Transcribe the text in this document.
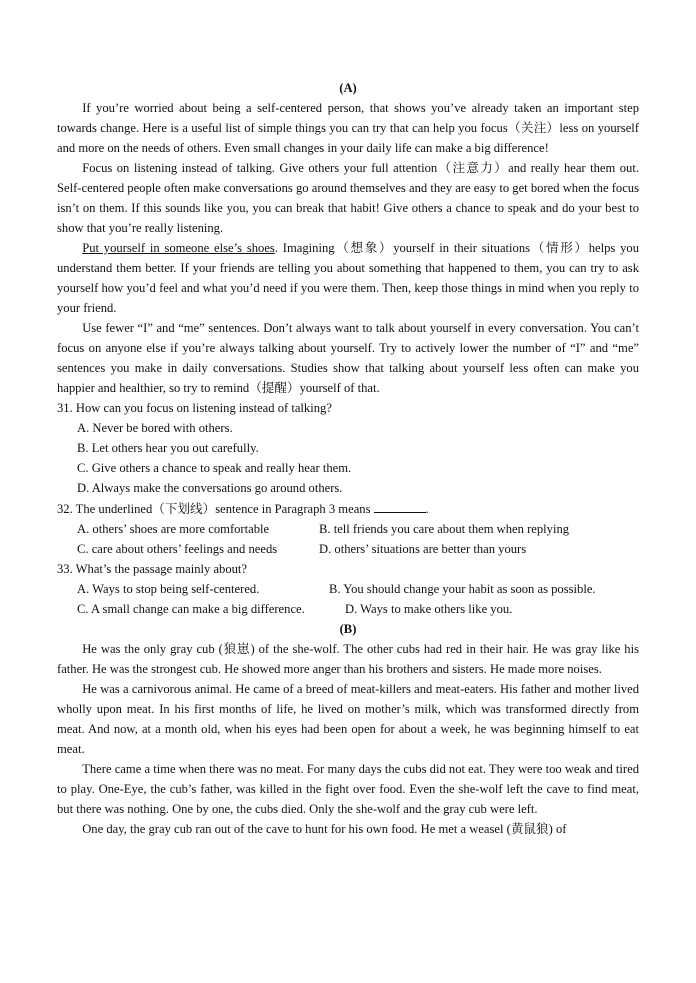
(A)

If you’re worried about being a self-centered person, that shows you’ve already taken an important step towards change. Here is a useful list of simple things you can try that can help you focus（关注）less on yourself and more on the needs of others. Even small changes in your daily life can make a big difference!

Focus on listening instead of talking. Give others your full attention（注意力）and really hear them out. Self-centered people often make conversations go around themselves and they are easy to get bored when the focus isn’t on them. If this sounds like you, you can break that habit! Give others a chance to speak and do your best to show that you’re really listening.

Put yourself in someone else’s shoes. Imagining（想象）yourself in their situations（情形）helps you understand them better. If your friends are telling you about something that happened to them, you can try to ask yourself how you’d feel and what you’d need if you were them. Then, keep those things in mind when you reply to your friend.

Use fewer “I” and “me” sentences. Don’t always want to talk about yourself in every conversation. You can’t focus on anyone else if you’re always talking about yourself. Try to actively lower the number of “I” and “me” sentences you make in daily conversations. Studies show that talking about yourself less often can make you happier and healthier, so try to remind（提醒）yourself of that.

31. How can you focus on listening instead of talking?

A. Never be bored with others.

B. Let others hear you out carefully.

C. Give others a chance to speak and really hear them.

D. Always make the conversations go around others.

32. The underlined（下划线）sentence in Paragraph 3 means	.

A. others’ shoes are more comfortable	B. tell friends you care about them when replying
C. care about others’ feelings and needs	D. others’ situations are better than yours

33. What’s the passage mainly about?

A. Ways to stop being self-centered.	B. You should change your habit as soon as possible.
C. A small change can make a big difference.	D. Ways to make others like you.
(B)

He was the only gray cub (狼崽) of the she-wolf. The other cubs had red in their hair. He was gray like his father. He was the strongest cub. He showed more anger than his brothers and sisters. He made more noises.

He was a carnivorous animal. He came of a breed of meat-killers and meat-eaters. His father and mother lived wholly upon meat. In his first months of life, he lived on mother’s milk, which was transformed directly from meat. And now, at a month old, when his eyes had been open for about a week, he was beginning himself to eat meat.

There came a time when there was no meat. For many days the cubs did not eat. They were too weak and tired to play. One-Eye, the cub’s father, was killed in the fight over food. Even the she-wolf left the cave to find meat, but there was nothing. One by one, the cubs died. Only the she-wolf and the gray cub were left.

One day, the gray cub ran out of the cave to hunt for his own food. He met a weasel (黄鼠狼) of
